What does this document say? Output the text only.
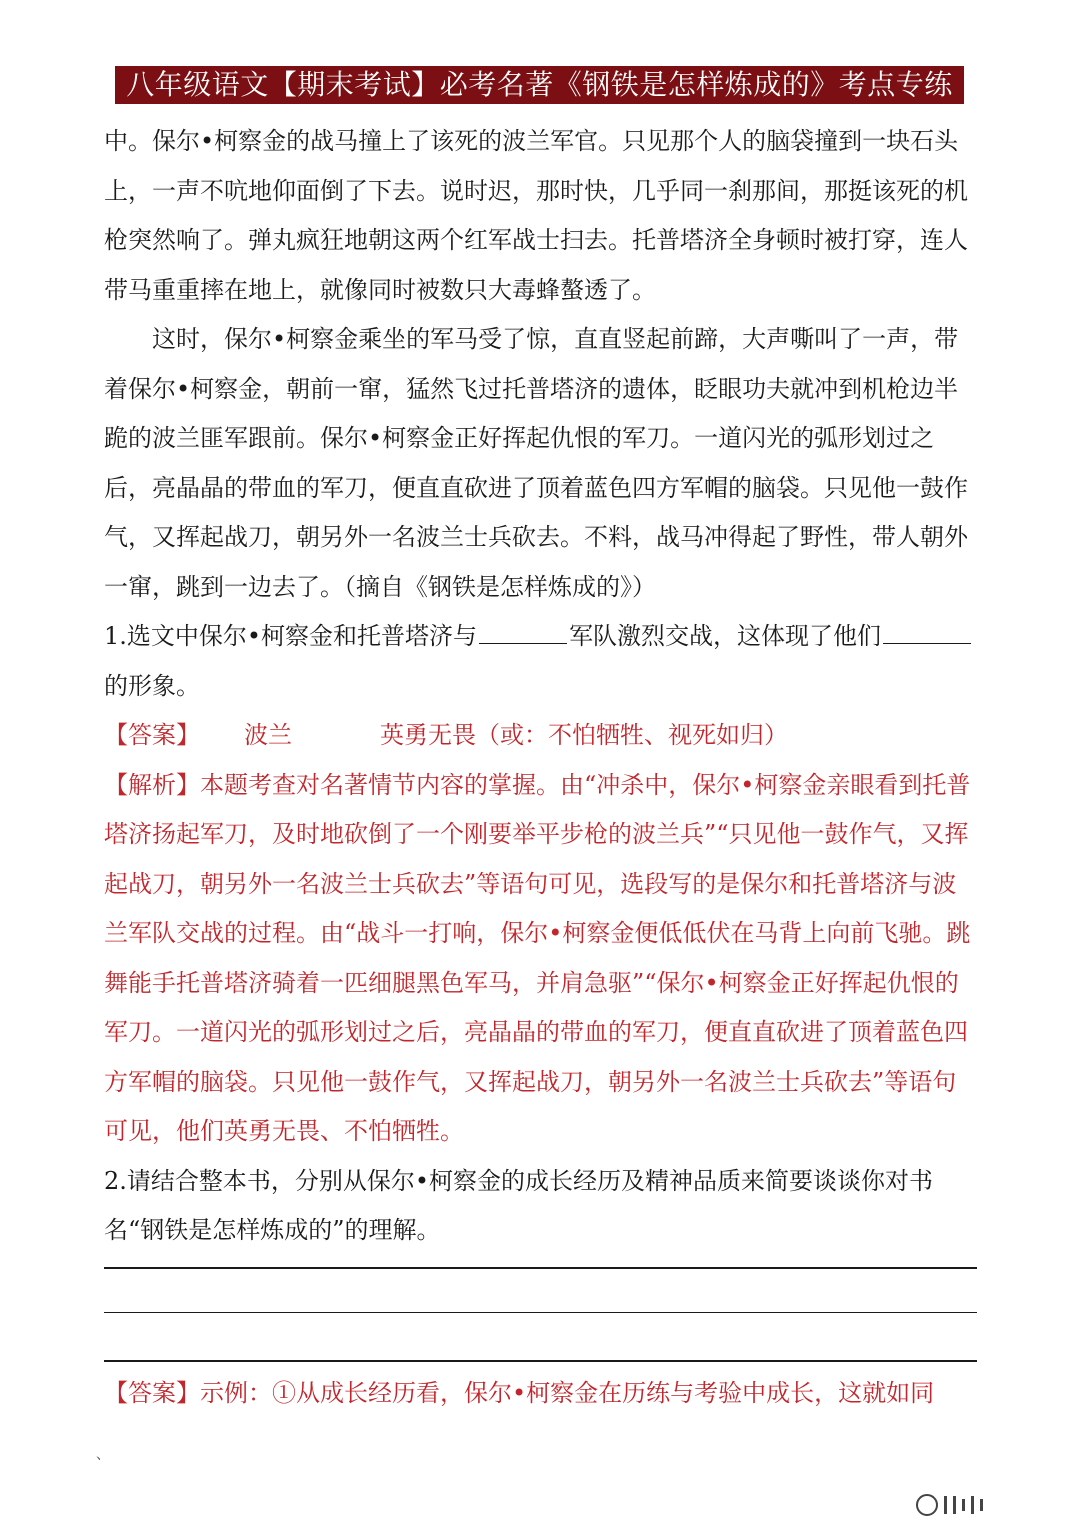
八年级语文【期末考试】必考名著《钢铁是怎样炼成的》考点专练

中。保尔•柯察金的战马撞上了该死的波兰军官。只见那个人的脑袋撞到一块石头上，一声不吭地仰面倒了下去。说时迟，那时快，几乎同一刹那间，那挺该死的机枪突然响了。弹丸疯狂地朝这两个红军战士扫去。托普塔济全身顿时被打穿，连人带马重重摔在地上，就像同时被数只大毒蜂螯透了。

这时，保尔•柯察金乘坐的军马受了惊，直直竖起前蹄，大声嘶叫了一声，带着保尔•柯察金，朝前一窜，猛然飞过托普塔济的遗体，眨眼功夫就冲到机枪边半跪的波兰匪军跟前。保尔•柯察金正好挥起仇恨的军刀。一道闪光的弧形划过之后，亮晶晶的带血的军刀，便直直砍进了顶着蓝色四方军帽的脑袋。只见他一鼓作气，又挥起战刀，朝另外一名波兰士兵砍去。不料，战马冲得起了野性，带人朝外一窜，跳到一边去了。（摘自《钢铁是怎样炼成的》）

1.选文中保尔•柯察金和托普塔济与	军队激烈交战，这体现了他们的形象。

【答案】 波兰	英勇无畏（或：不怕牺牲、视死如归）

【解析】本题考查对名著情节内容的掌握。由“冲杀中，保尔•柯察金亲眼看到托普塔济扬起军刀，及时地砍倒了一个刚要举平步枪的波兰兵”“只见他一鼓作气，又挥起战刀，朝另外一名波兰士兵砍去”等语句可见，选段写的是保尔和托普塔济与波兰军队交战的过程。由“战斗一打响，保尔•柯察金便低低伏在马背上向前飞驰。跳舞能手托普塔济骑着一匹细腿黑色军马，并肩急驱”“保尔•柯察金正好挥起仇恨的军刀。一道闪光的弧形划过之后，亮晶晶的带血的军刀，便直直砍进了顶着蓝色四方军帽的脑袋。只见他一鼓作气，又挥起战刀，朝另外一名波兰士兵砍去”等语句可见，他们英勇无畏、不怕牺牲。

2.请结合整本书，分别从保尔•柯察金的成长经历及精神品质来简要谈谈你对书名“钢铁是怎样炼成的”的理解。

【答案】示例：①从成长经历看，保尔•柯察金在历练与考验中成长，这就如同

、
